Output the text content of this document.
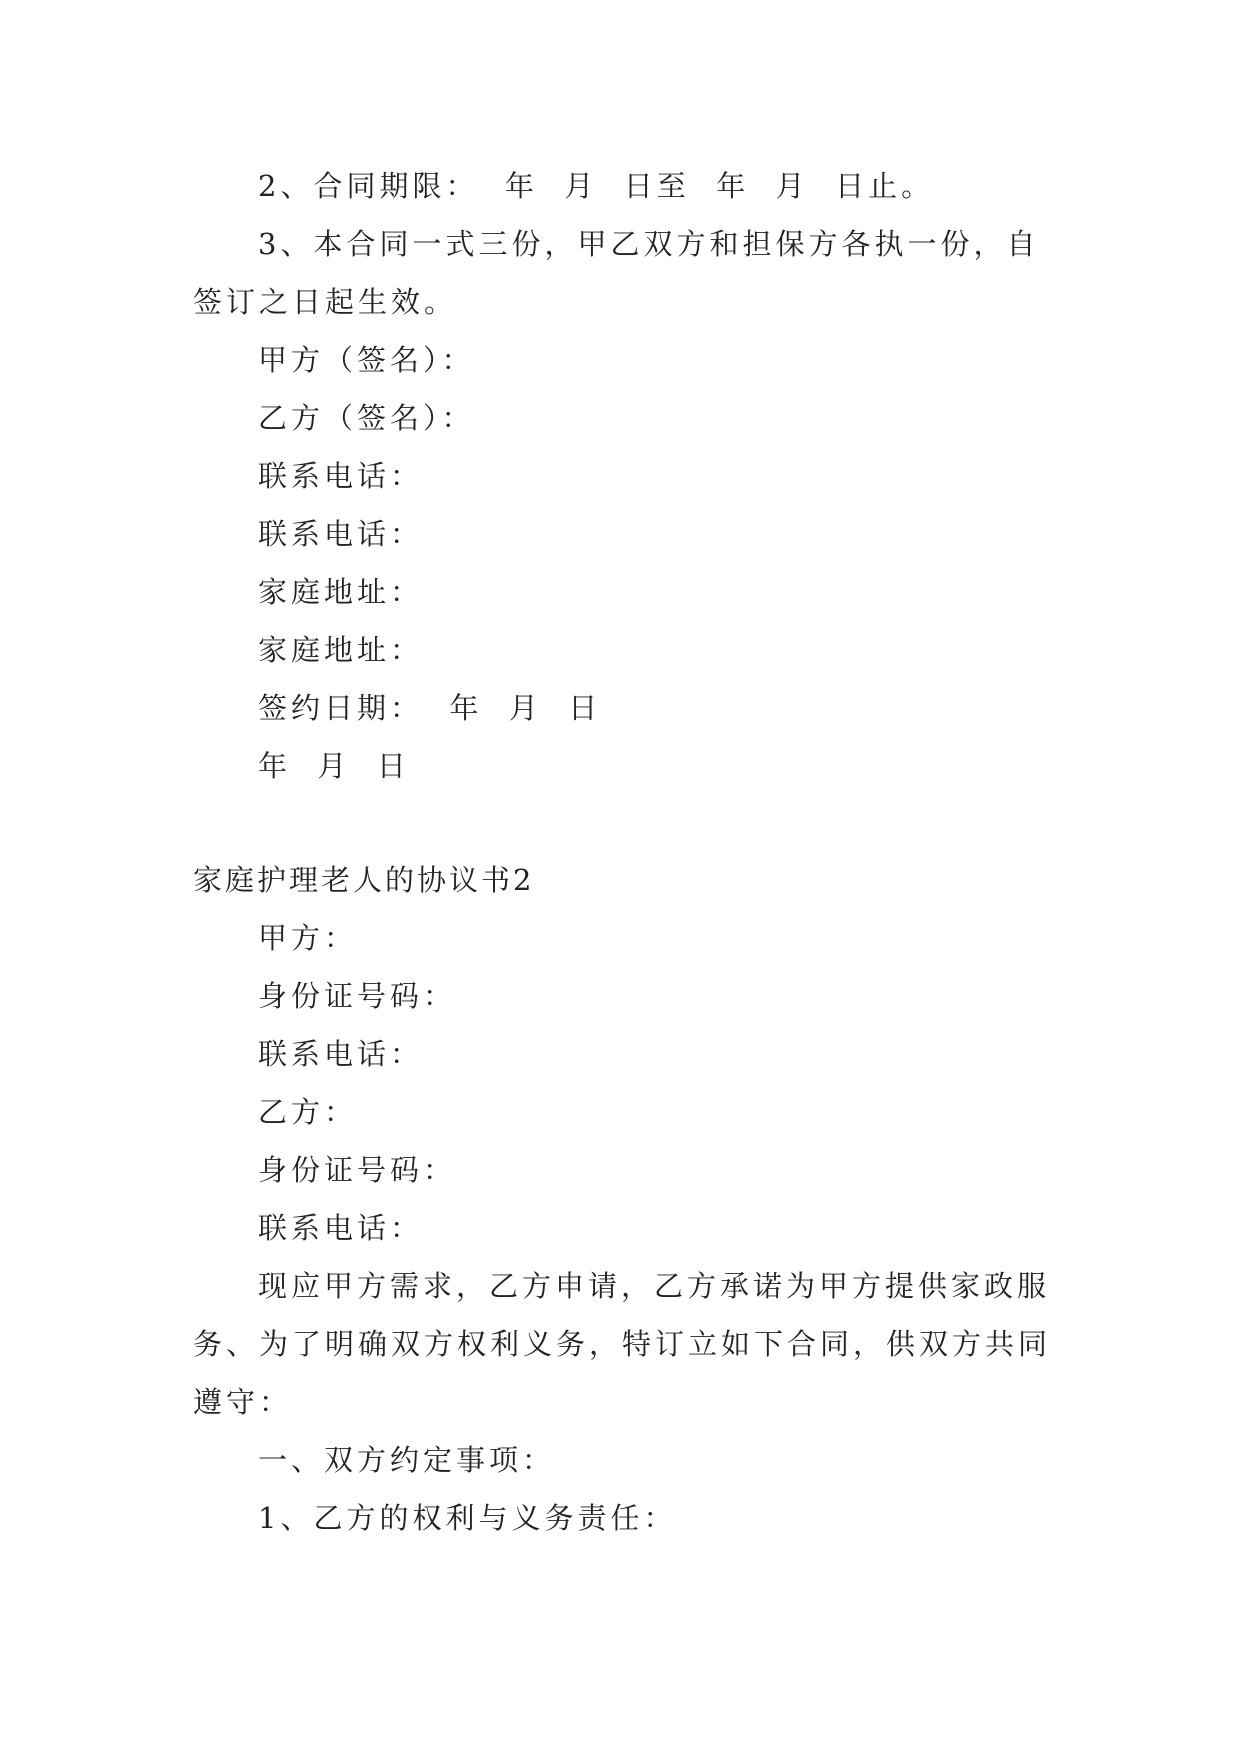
2、合同期限：  年  月  日至  年  月  日止。
3、本合同一式三份，甲乙双方和担保方各执一份，自
签订之日起生效。
甲方（签名）：
乙方（签名）：
联系电话：
联系电话：
家庭地址：
家庭地址：
签约日期：  年  月  日
年  月  日
家庭护理老人的协议书2
甲方：
身份证号码：
联系电话：
乙方：
身份证号码：
联系电话：
现应甲方需求，乙方申请，乙方承诺为甲方提供家政服
务、为了明确双方权利义务，特订立如下合同，供双方共同
遵守：
一、双方约定事项：
1、乙方的权利与义务责任：
